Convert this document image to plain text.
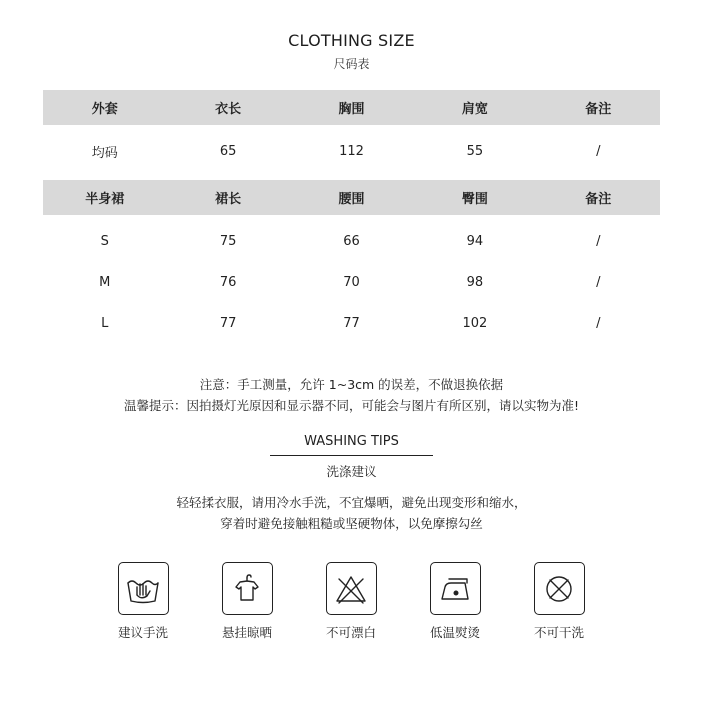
CLOTHING SIZE
尺码表
外套	衣长	胸围	肩宽	备注
均码	65	112	55	/
半身裙	裙长	腰围	臀围	备注
S	75	66	94	/
M	76	70	98	/
L	77	77	102	/
注意：手工测量，允许 1~3cm 的误差，不做退换依据
温馨提示：因拍摄灯光原因和显示器不同，可能会与图片有所区别，请以实物为准!
WASHING TIPS
洗涤建议
轻轻揉衣服，请用冷水手洗，不宜爆晒，避免出现变形和缩水，
穿着时避免接触粗糙或坚硬物体，以免摩擦勾丝
建议手洗	悬挂晾晒	不可漂白	低温熨烫	不可干洗
